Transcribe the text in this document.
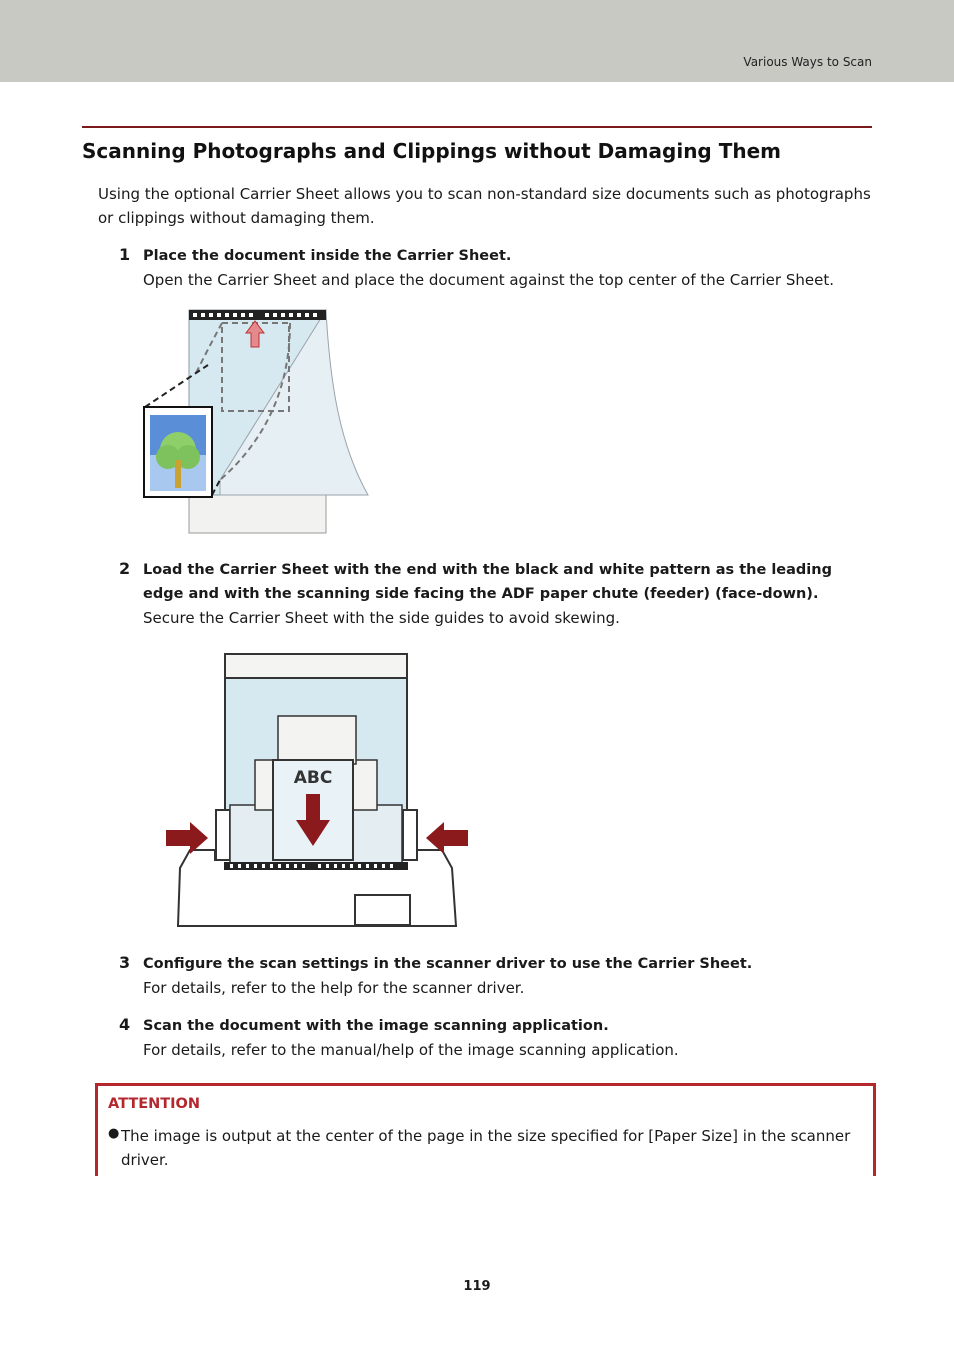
Various Ways to Scan
Scanning Photographs and Clippings without Damaging Them
Using the optional Carrier Sheet allows you to scan non-standard size documents such as photographs or clippings without damaging them.
1 Place the document inside the Carrier Sheet.
Open the Carrier Sheet and place the document against the top center of the Carrier Sheet.
2 Load the Carrier Sheet with the end with the black and white pattern as the leading edge and with the scanning side facing the ADF paper chute (feeder) (face-down).
Secure the Carrier Sheet with the side guides to avoid skewing.
ABC
3 Configure the scan settings in the scanner driver to use the Carrier Sheet.
For details, refer to the help for the scanner driver.
4 Scan the document with the image scanning application.
For details, refer to the manual/help of the image scanning application.
ATTENTION
● The image is output at the center of the page in the size specified for [Paper Size] in the scanner driver.
119
